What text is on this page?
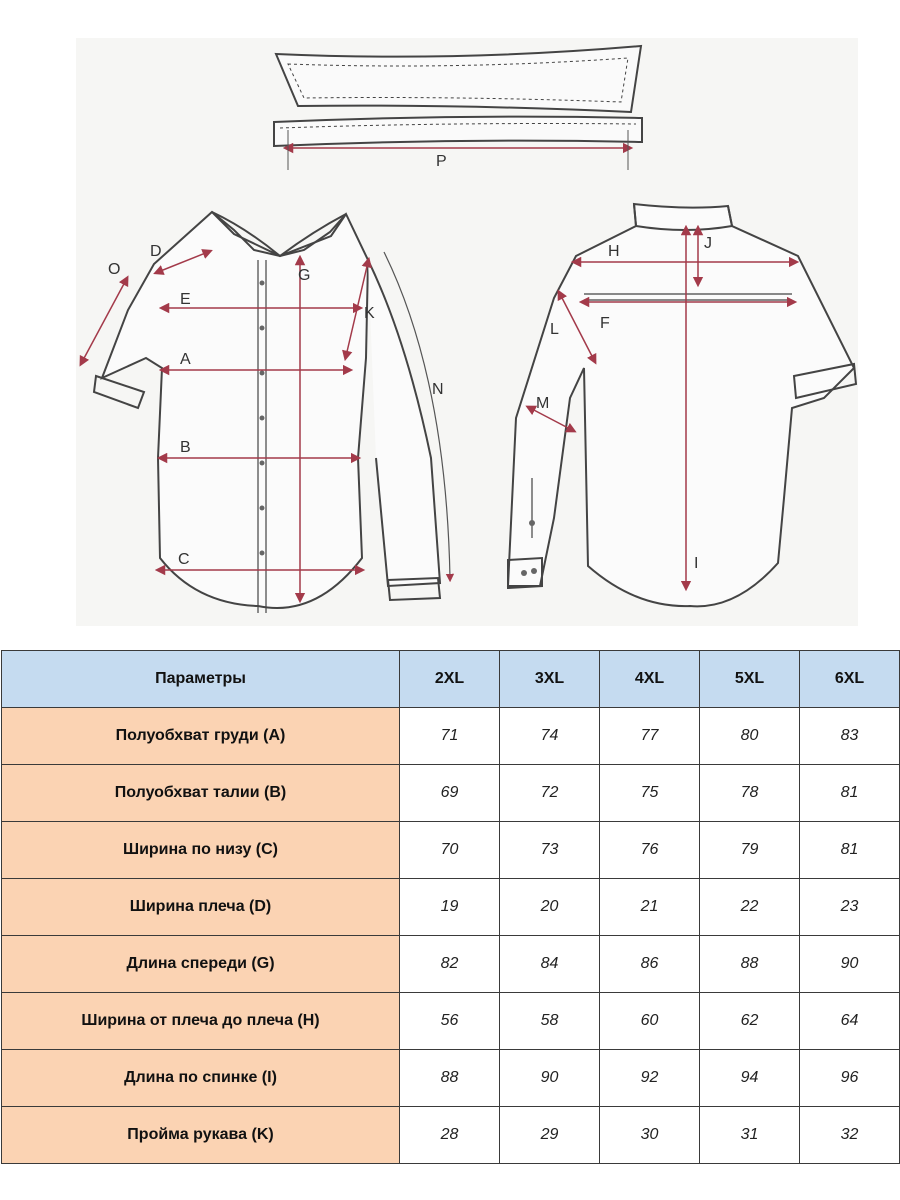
P
D
O
E
G
K
A
N
B
C
H	J
L	F
M
I
Параметры	2XL	3XL	4XL	5XL	6XL
Полуобхват груди (А)	71	74	77	80	83
Полуобхват талии (В)	69	72	75	78	81
Ширина по низу (С)	70	73	76	79	81
Ширина плеча (D)	19	20	21	22	23
Длина спереди (G)	82	84	86	88	90
Ширина от плеча до плеча (H)	56	58	60	62	64
Длина по спинке (I)	88	90	92	94	96
Пройма рукава (K)	28	29	30	31	32
